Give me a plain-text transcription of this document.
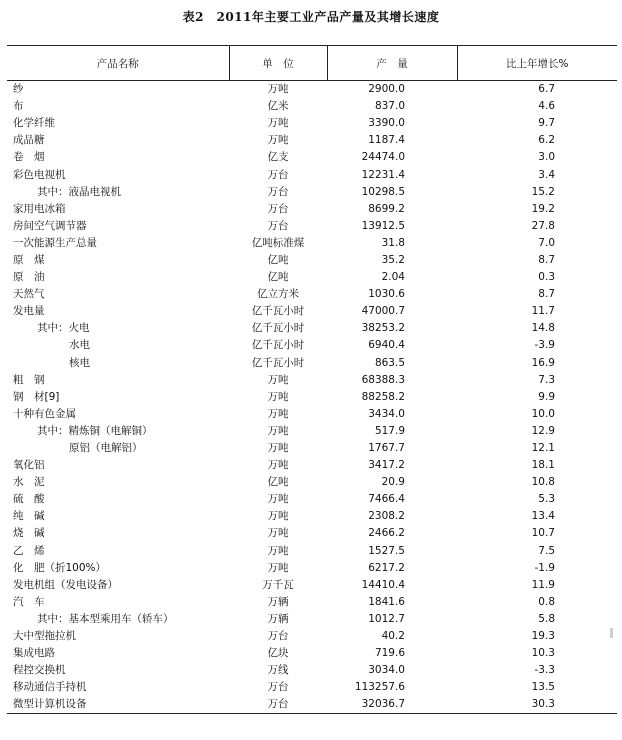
表2　2011年主要工业产品产量及其增长速度
产品名称	单　位	产　量	比上年增长%
纱	万吨	2900.0	6.7
布	亿米	837.0	4.6
化学纤维	万吨	3390.0	9.7
成品糖	万吨	1187.4	6.2
卷　烟	亿支	24474.0	3.0
彩色电视机	万台	12231.4	3.4
其中：液晶电视机	万台	10298.5	15.2
家用电冰箱	万台	8699.2	19.2
房间空气调节器	万台	13912.5	27.8
一次能源生产总量	亿吨标准煤	31.8	7.0
原　煤	亿吨	35.2	8.7
原　油	亿吨	2.04	0.3
天然气	亿立方米	1030.6	8.7
发电量	亿千瓦小时	47000.7	11.7
其中：火电	亿千瓦小时	38253.2	14.8
水电	亿千瓦小时	6940.4	-3.9
核电	亿千瓦小时	863.5	16.9
粗　钢	万吨	68388.3	7.3
钢　材[9]	万吨	88258.2	9.9
十种有色金属	万吨	3434.0	10.0
其中：精炼铜（电解铜）	万吨	517.9	12.9
原铝（电解铝）	万吨	1767.7	12.1
氧化铝	万吨	3417.2	18.1
水　泥	亿吨	20.9	10.8
硫　酸	万吨	7466.4	5.3
纯　碱	万吨	2308.2	13.4
烧　碱	万吨	2466.2	10.7
乙　烯	万吨	1527.5	7.5
化　肥（折100%）	万吨	6217.2	-1.9
发电机组（发电设备）	万千瓦	14410.4	11.9
汽　车	万辆	1841.6	0.8
其中：基本型乘用车（轿车）	万辆	1012.7	5.8
大中型拖拉机	万台	40.2	19.3
集成电路	亿块	719.6	10.3
程控交换机	万线	3034.0	-3.3
移动通信手持机	万台	113257.6	13.5
微型计算机设备	万台	32036.7	30.3
